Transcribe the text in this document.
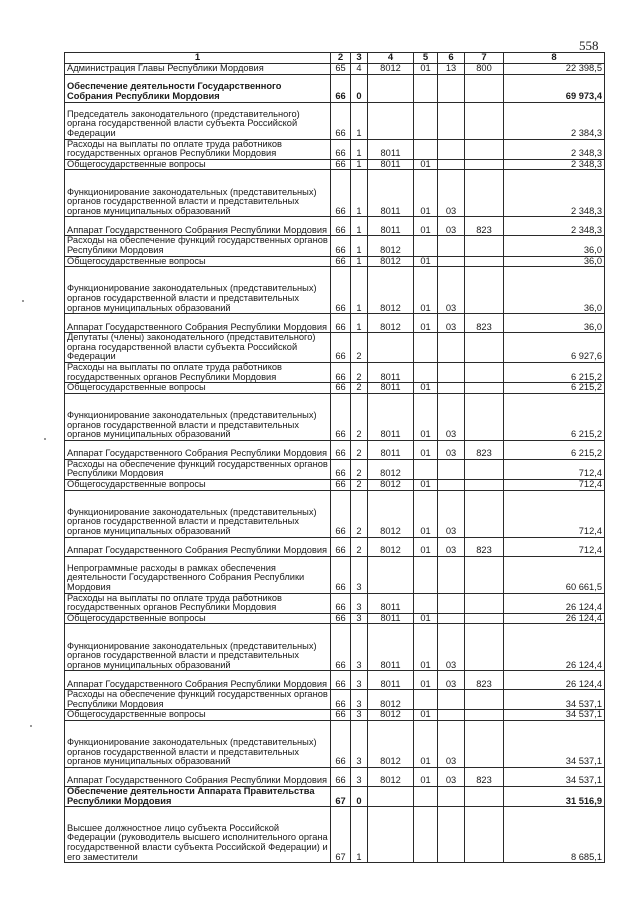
558
1	2	3	4	5	6	7	8
Администрация Главы Республики Мордовия	65	4	8012	01	13	800	22 398,5
Обеспечение деятельности Государственного Собрания Республики Мордовия	66	0					69 973,4
Председатель законодательного (представительного) органа государственной власти субъекта Российской Федерации	66	1					2 384,3
Расходы на выплаты по оплате труда работников государственных органов Республики Мордовия	66	1	8011				2 348,3
Общегосударственные вопросы	66	1	8011	01			2 348,3
Функционирование законодательных (представительных) органов государственной власти и представительных органов муниципальных образований	66	1	8011	01	03		2 348,3
Аппарат Государственного Собрания Республики Мордовия	66	1	8011	01	03	823	2 348,3
Расходы на обеспечение функций государственных органов Республики Мордовия	66	1	8012				36,0
Общегосударственные вопросы	66	1	8012	01			36,0
Функционирование законодательных (представительных) органов государственной власти и представительных органов муниципальных образований	66	1	8012	01	03		36,0
Аппарат Государственного Собрания Республики Мордовия	66	1	8012	01	03	823	36,0
Депутаты (члены) законодательного (представительного) органа государственной власти субъекта Российской Федерации	66	2					6 927,6
Расходы на выплаты по оплате труда работников государственных органов Республики Мордовия	66	2	8011				6 215,2
Общегосударственные вопросы	66	2	8011	01			6 215,2
Функционирование законодательных (представительных) органов государственной власти и представительных органов муниципальных образований	66	2	8011	01	03		6 215,2
Аппарат Государственного Собрания Республики Мордовия	66	2	8011	01	03	823	6 215,2
Расходы на обеспечение функций государственных органов Республики Мордовия	66	2	8012				712,4
Общегосударственные вопросы	66	2	8012	01			712,4
Функционирование законодательных (представительных) органов государственной власти и представительных органов муниципальных образований	66	2	8012	01	03		712,4
Аппарат Государственного Собрания Республики Мордовия	66	2	8012	01	03	823	712,4
Непрограммные расходы в рамках обеспечения деятельности Государственного Собрания Республики Мордовия	66	3					60 661,5
Расходы на выплаты по оплате труда работников государственных органов Республики Мордовия	66	3	8011				26 124,4
Общегосударственные вопросы	66	3	8011	01			26 124,4
Функционирование законодательных (представительных) органов государственной власти и представительных органов муниципальных образований	66	3	8011	01	03		26 124,4
Аппарат Государственного Собрания Республики Мордовия	66	3	8011	01	03	823	26 124,4
Расходы на обеспечение функций государственных органов Республики Мордовия	66	3	8012				34 537,1
Общегосударственные вопросы	66	3	8012	01			34 537,1
Функционирование законодательных (представительных) органов государственной власти и представительных органов муниципальных образований	66	3	8012	01	03		34 537,1
Аппарат Государственного Собрания Республики Мордовия	66	3	8012	01	03	823	34 537,1
Обеспечение деятельности Аппарата Правительства Республики Мордовия	67	0					31 516,9
Высшее должностное лицо субъекта Российской Федерации (руководитель высшего исполнительного органа государственной власти субъекта Российской Федерации) и его заместители	67	1					8 685,1
